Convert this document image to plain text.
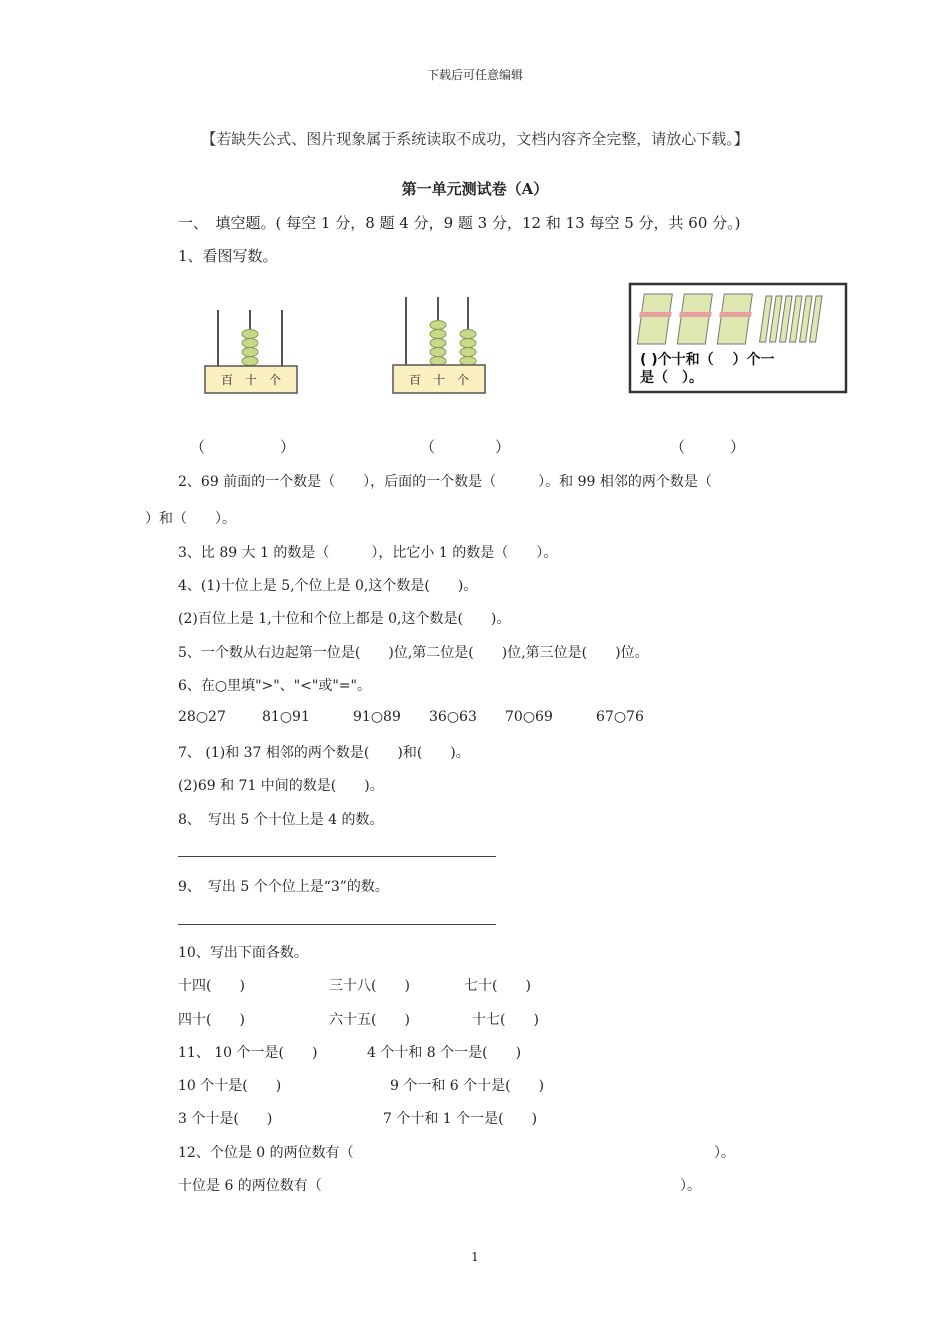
下载后可任意编辑
【若缺失公式、图片现象属于系统读取不成功，文档内容齐全完整，请放心下载。】
第一单元测试卷（A）
一、　填空题。( 每空 1 分，8 题 4 分，9 题 3 分，12 和 13 每空 5 分，共 60 分。)
1、看图写数。
百　十　个	百　十　个
( )个十和（　 ）个一
是（　）。
（　　　　　）	（　　　　）	（　　　）
2、69 前面的一个数是（　　），后面的一个数是（　　　）。和 99 相邻的两个数是（
）和（　　）。
3、比 89 大 1 的数是（　　　），比它小 1 的数是（　　）。
4、(1)十位上是 5,个位上是 0,这个数是(　　)。
(2)百位上是 1,十位和个位上都是 0,这个数是(　　)。
5、一个数从右边起第一位是(　　)位,第二位是(　　)位,第三位是(　　)位。
6、在○里填">"、"<"或"="。
28○27	81○91	91○89 36○63 70○69	67○76
7、 (1)和 37 相邻的两个数是(　　)和(　　)。
(2)69 和 71 中间的数是(　　)。
8、　写出 5 个十位上是 4 的数。
9、　写出 5 个个位上是“3”的数。
10、写出下面各数。
十四(　　)	三十八(　　)	七十(　　)
四十(　　)	六十五(　　)	十七(　　)
11、 10 个一是(　　)	4 个十和 8 个一是(　　)
10 个十是(　　)	9 个一和 6 个十是(　　)
3 个十是(　　)	7 个十和 1 个一是(　　)
12、个位是 0 的两位数有（	）。
十位是 6 的两位数有（	）。
1
